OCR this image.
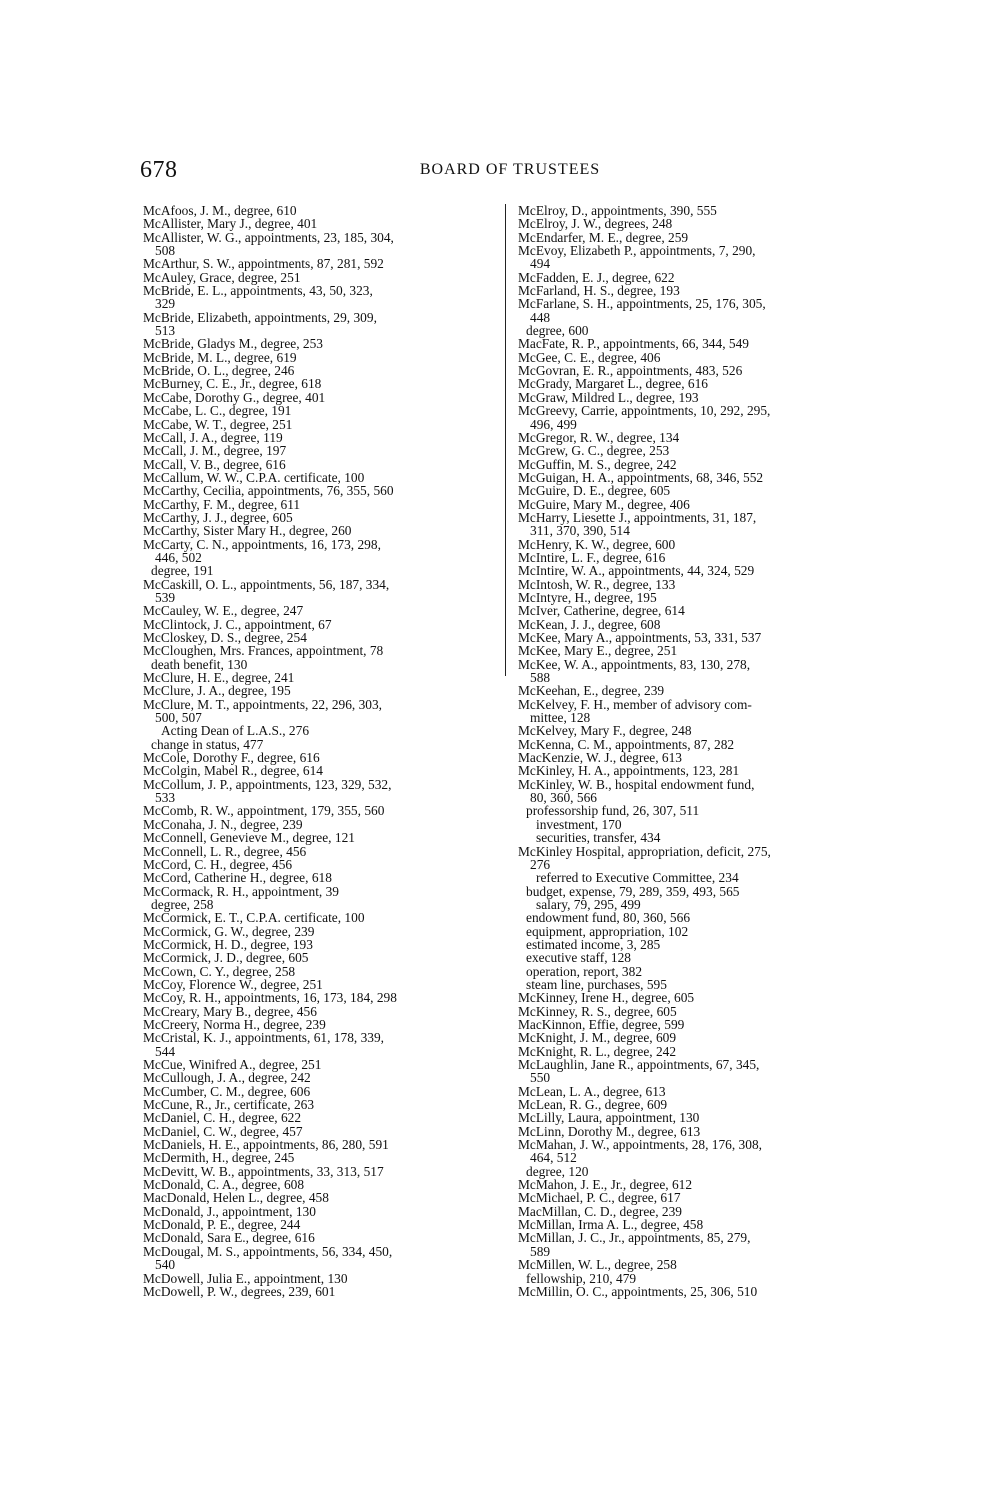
678	BOARD OF TRUSTEES
McAfoos, J. M., degree, 610
McAllister, Mary J., degree, 401
McAllister, W. G., appointments, 23, 185, 304,
508
McArthur, S. W., appointments, 87, 281, 592
McAuley, Grace, degree, 251
McBride, E. L., appointments, 43, 50, 323,
329
McBride, Elizabeth, appointments, 29, 309,
513
McBride, Gladys M., degree, 253
McBride, M. L., degree, 619
McBride, O. L., degree, 246
McBurney, C. E., Jr., degree, 618
McCabe, Dorothy G., degree, 401
McCabe, L. C., degree, 191
McCabe, W. T., degree, 251
McCall, J. A., degree, 119
McCall, J. M., degree, 197
McCall, V. B., degree, 616
McCallum, W. W., C.P.A. certificate, 100
McCarthy, Cecilia, appointments, 76, 355, 560
McCarthy, F. M., degree, 611
McCarthy, J. J., degree, 605
McCarthy, Sister Mary H., degree, 260
McCarty, C. N., appointments, 16, 173, 298,
446, 502
degree, 191
McCaskill, O. L., appointments, 56, 187, 334,
539
McCauley, W. E., degree, 247
McClintock, J. C., appointment, 67
McCloskey, D. S., degree, 254
McCloughen, Mrs. Frances, appointment, 78
death benefit, 130
McClure, H. E., degree, 241
McClure, J. A., degree, 195
McClure, M. T., appointments, 22, 296, 303,
500, 507
Acting Dean of L.A.S., 276
change in status, 477
McCole, Dorothy F., degree, 616
McColgin, Mabel R., degree, 614
McCollum, J. P., appointments, 123, 329, 532,
533
McComb, R. W., appointment, 179, 355, 560
McConaha, J. N., degree, 239
McConnell, Genevieve M., degree, 121
McConnell, L. R., degree, 456
McCord, C. H., degree, 456
McCord, Catherine H., degree, 618
McCormack, R. H., appointment, 39
degree, 258
McCormick, E. T., C.P.A. certificate, 100
McCormick, G. W., degree, 239
McCormick, H. D., degree, 193
McCormick, J. D., degree, 605
McCown, C. Y., degree, 258
McCoy, Florence W., degree, 251
McCoy, R. H., appointments, 16, 173, 184, 298
McCreary, Mary B., degree, 456
McCreery, Norma H., degree, 239
McCristal, K. J., appointments, 61, 178, 339,
544
McCue, Winifred A., degree, 251
McCullough, J. A., degree, 242
McCumber, C. M., degree, 606
McCune, R., Jr., certificate, 263
McDaniel, C. H., degree, 622
McDaniel, C. W., degree, 457
McDaniels, H. E., appointments, 86, 280, 591
McDermith, H., degree, 245
McDevitt, W. B., appointments, 33, 313, 517
McDonald, C. A., degree, 608
MacDonald, Helen L., degree, 458
McDonald, J., appointment, 130
McDonald, P. E., degree, 244
McDonald, Sara E., degree, 616
McDougal, M. S., appointments, 56, 334, 450,
540
McDowell, Julia E., appointment, 130
McDowell, P. W., degrees, 239, 601
McElroy, D., appointments, 390, 555
McElroy, J. W., degrees, 248
McEndarfer, M. E., degree, 259
McEvoy, Elizabeth P., appointments, 7, 290,
494
McFadden, E. J., degree, 622
McFarland, H. S., degree, 193
McFarlane, S. H., appointments, 25, 176, 305,
448
degree, 600
MacFate, R. P., appointments, 66, 344, 549
McGee, C. E., degree, 406
McGovran, E. R., appointments, 483, 526
McGrady, Margaret L., degree, 616
McGraw, Mildred L., degree, 193
McGreevy, Carrie, appointments, 10, 292, 295,
496, 499
McGregor, R. W., degree, 134
McGrew, G. C., degree, 253
McGuffin, M. S., degree, 242
McGuigan, H. A., appointments, 68, 346, 552
McGuire, D. E., degree, 605
McGuire, Mary M., degree, 406
McHarry, Liesette J., appointments, 31, 187,
311, 370, 390, 514
McHenry, K. W., degree, 600
McIntire, L. F., degree, 616
McIntire, W. A., appointments, 44, 324, 529
McIntosh, W. R., degree, 133
McIntyre, H., degree, 195
McIver, Catherine, degree, 614
McKean, J. J., degree, 608
McKee, Mary A., appointments, 53, 331, 537
McKee, Mary E., degree, 251
McKee, W. A., appointments, 83, 130, 278,
588
McKeehan, E., degree, 239
McKelvey, F. H., member of advisory com-
mittee, 128
McKelvey, Mary F., degree, 248
McKenna, C. M., appointments, 87, 282
MacKenzie, W. J., degree, 613
McKinley, H. A., appointments, 123, 281
McKinley, W. B., hospital endowment fund,
80, 360, 566
professorship fund, 26, 307, 511
investment, 170
securities, transfer, 434
McKinley Hospital, appropriation, deficit, 275,
276
referred to Executive Committee, 234
budget, expense, 79, 289, 359, 493, 565
salary, 79, 295, 499
endowment fund, 80, 360, 566
equipment, appropriation, 102
estimated income, 3, 285
executive staff, 128
operation, report, 382
steam line, purchases, 595
McKinney, Irene H., degree, 605
McKinney, R. S., degree, 605
MacKinnon, Effie, degree, 599
McKnight, J. M., degree, 609
McKnight, R. L., degree, 242
McLaughlin, Jane R., appointments, 67, 345,
550
McLean, L. A., degree, 613
McLean, R. G., degree, 609
McLilly, Laura, appointment, 130
McLinn, Dorothy M., degree, 613
McMahan, J. W., appointments, 28, 176, 308,
464, 512
degree, 120
McMahon, J. E., Jr., degree, 612
McMichael, P. C., degree, 617
MacMillan, C. D., degree, 239
McMillan, Irma A. L., degree, 458
McMillan, J. C., Jr., appointments, 85, 279,
589
McMillen, W. L., degree, 258
fellowship, 210, 479
McMillin, O. C., appointments, 25, 306, 510
